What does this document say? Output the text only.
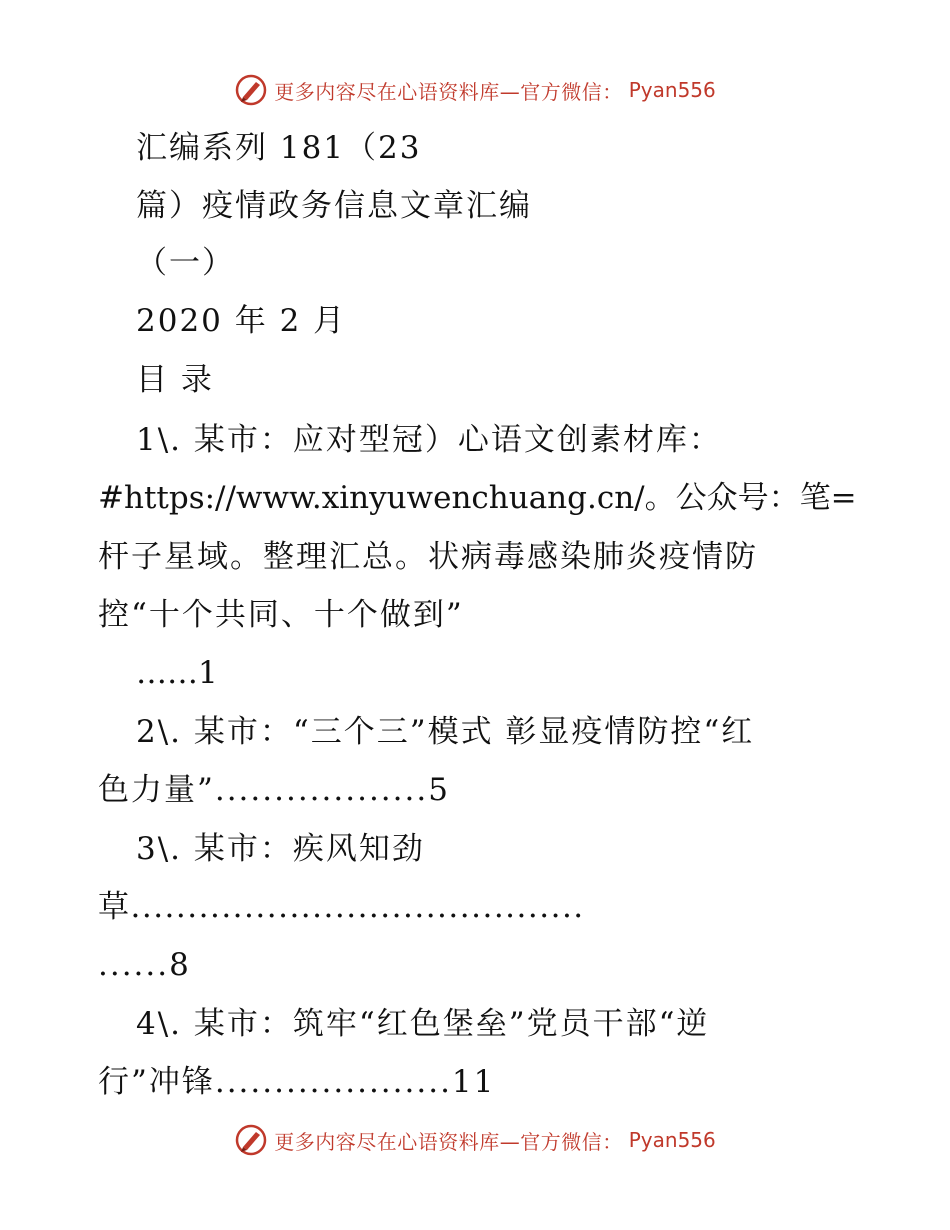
更多内容尽在心语资料库—官方微信： Pyan556
汇编系列 181（23
篇）疫情政务信息文章汇编
（一）
2020 年 2 月
目 录
1\. 某市：应对型冠）心语文创素材库：
#https://www.xinyuwenchuang.cn/。公众号：笔=
杆子星域。整理汇总。状病毒感染肺炎疫情防
控“十个共同、十个做到”
……1
2\. 某市：“三个三”模式 彰显疫情防控“红
色力量”..................5
3\. 某市：疾风知劲
草........................................
......8
4\. 某市：筑牢“红色堡垒”党员干部“逆
行”冲锋....................11
更多内容尽在心语资料库—官方微信： Pyan556
